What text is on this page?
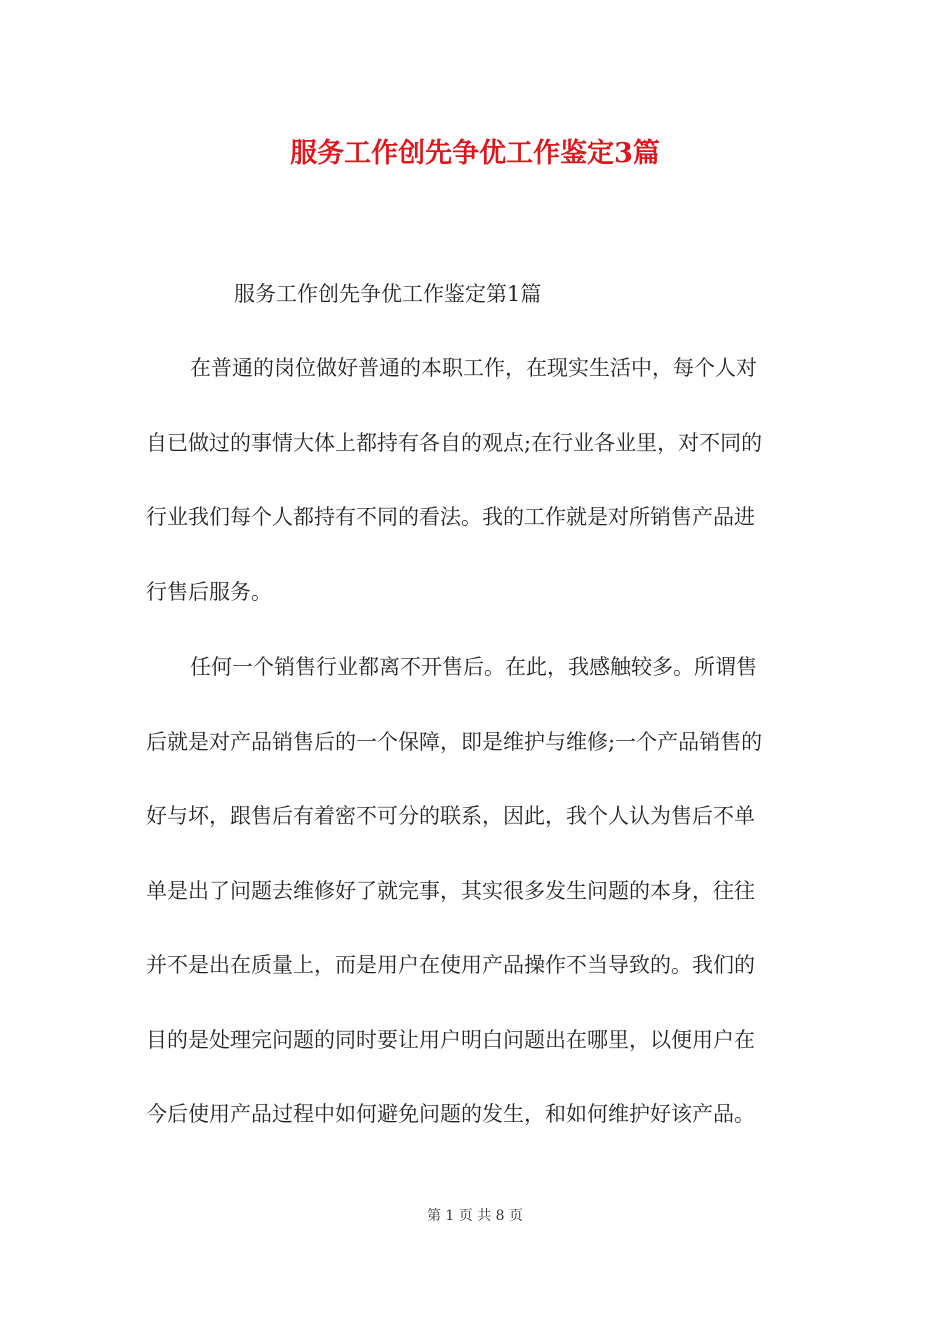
服务工作创先争优工作鉴定3篇

服务工作创先争优工作鉴定第1篇

在普通的岗位做好普通的本职工作，在现实生活中，每个人对
自已做过的事情大体上都持有各自的观点;在行业各业里，对不同的
行业我们每个人都持有不同的看法。我的工作就是对所销售产品进
行售后服务。
任何一个销售行业都离不开售后。在此，我感触较多。所谓售
后就是对产品销售后的一个保障，即是维护与维修;一个产品销售的
好与坏，跟售后有着密不可分的联系，因此，我个人认为售后不单
单是出了问题去维修好了就完事，其实很多发生问题的本身，往往
并不是出在质量上，而是用户在使用产品操作不当导致的。我们的
目的是处理完问题的同时要让用户明白问题出在哪里，以便用户在
今后使用产品过程中如何避免问题的发生，和如何维护好该产品。

第 1 页 共 8 页
